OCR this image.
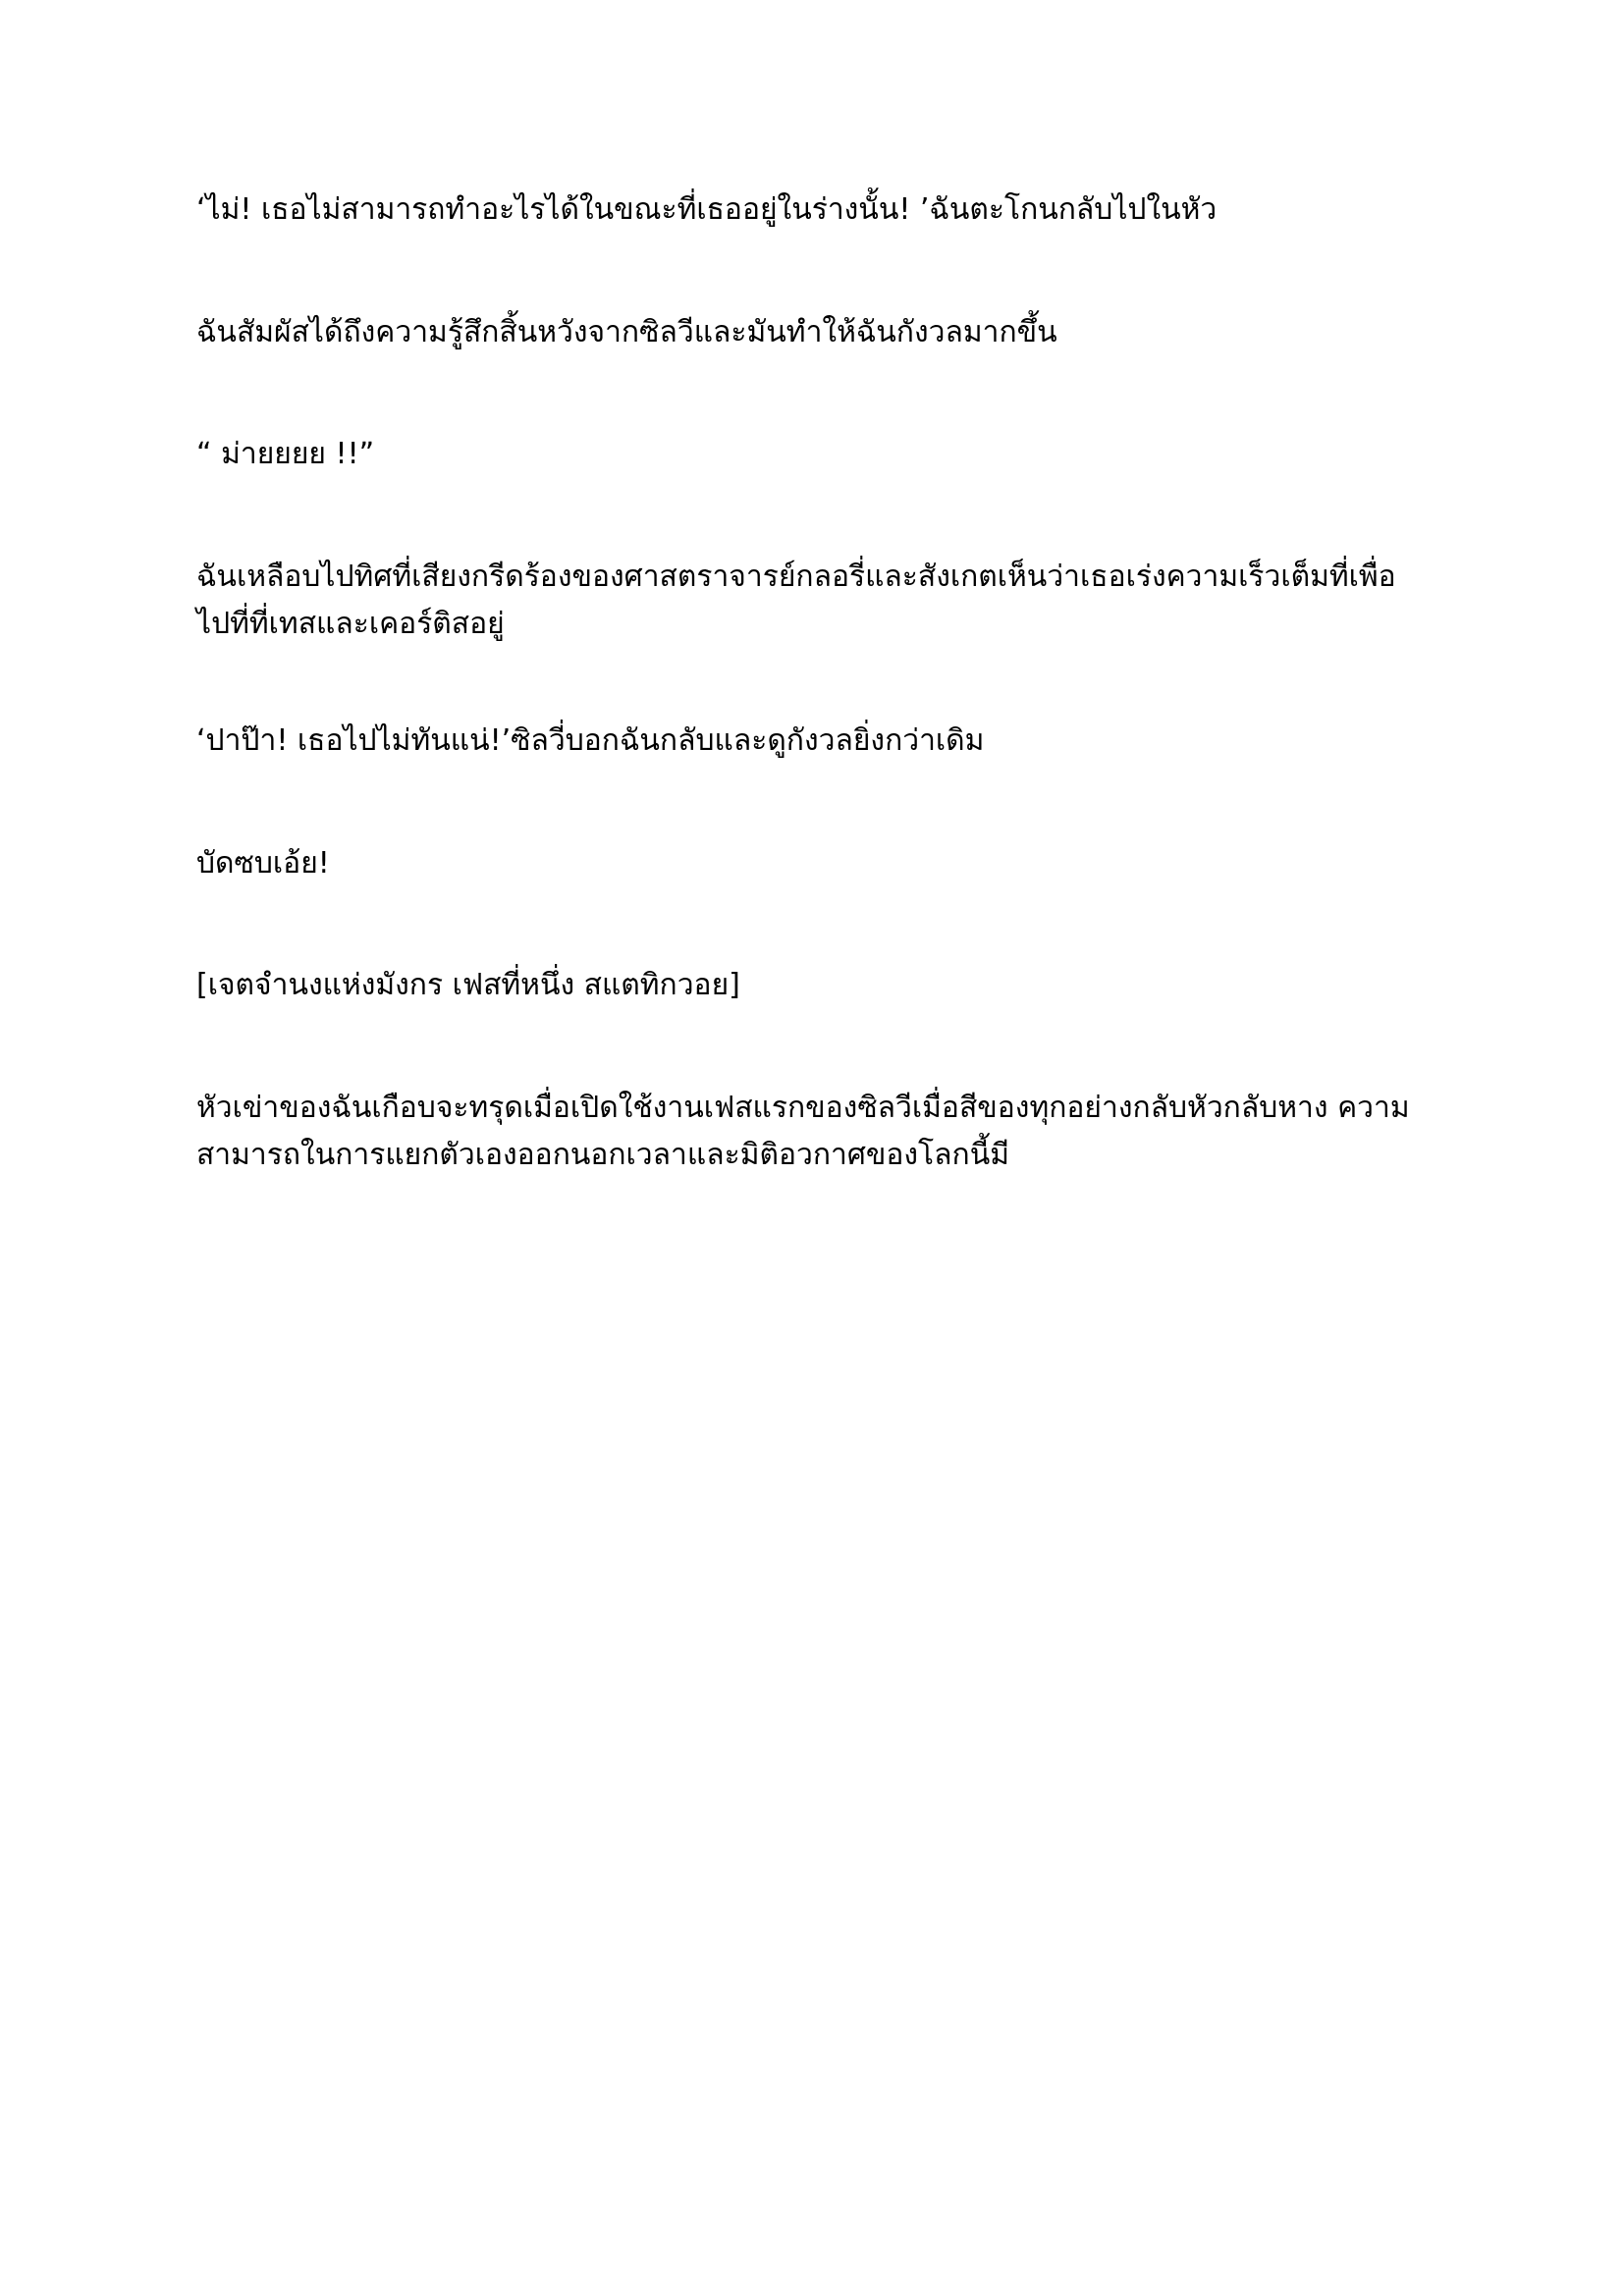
‘ไม่! เธอไม่สามารถทำอะไรได้ในขณะที่เธออยู่ในร่างนั้น! ’ฉันตะโกนกลับไปในหัว

ฉันสัมผัสได้ถึงความรู้สึกสิ้นหวังจากซิลวีและมันทำให้ฉันกังวลมากขึ้น

“ ม่ายยยย !!”

ฉันเหลือบไปทิศที่เสียงกรีดร้องของศาสตราจารย์กลอรี่และสังเกตเห็นว่าเธอเร่งความเร็วเต็มที่เพื่อไปที่ที่เทสและเคอร์ติสอยู่

‘ปาป๊า! เธอไปไม่ทันแน่!’ซิลวี่บอกฉันกลับและดูกังวลยิ่งกว่าเดิม

บัดซบเอ้ย!

[เจตจำนงแห่งมังกร เฟสที่หนึ่ง สแตทิกวอย]

หัวเข่าของฉันเกือบจะทรุดเมื่อเปิดใช้งานเฟสแรกของซิลวีเมื่อสีของทุกอย่างกลับหัวกลับหาง ความสามารถในการแยกตัวเองออกนอกเวลาและมิติอวกาศของโลกนี้มี
